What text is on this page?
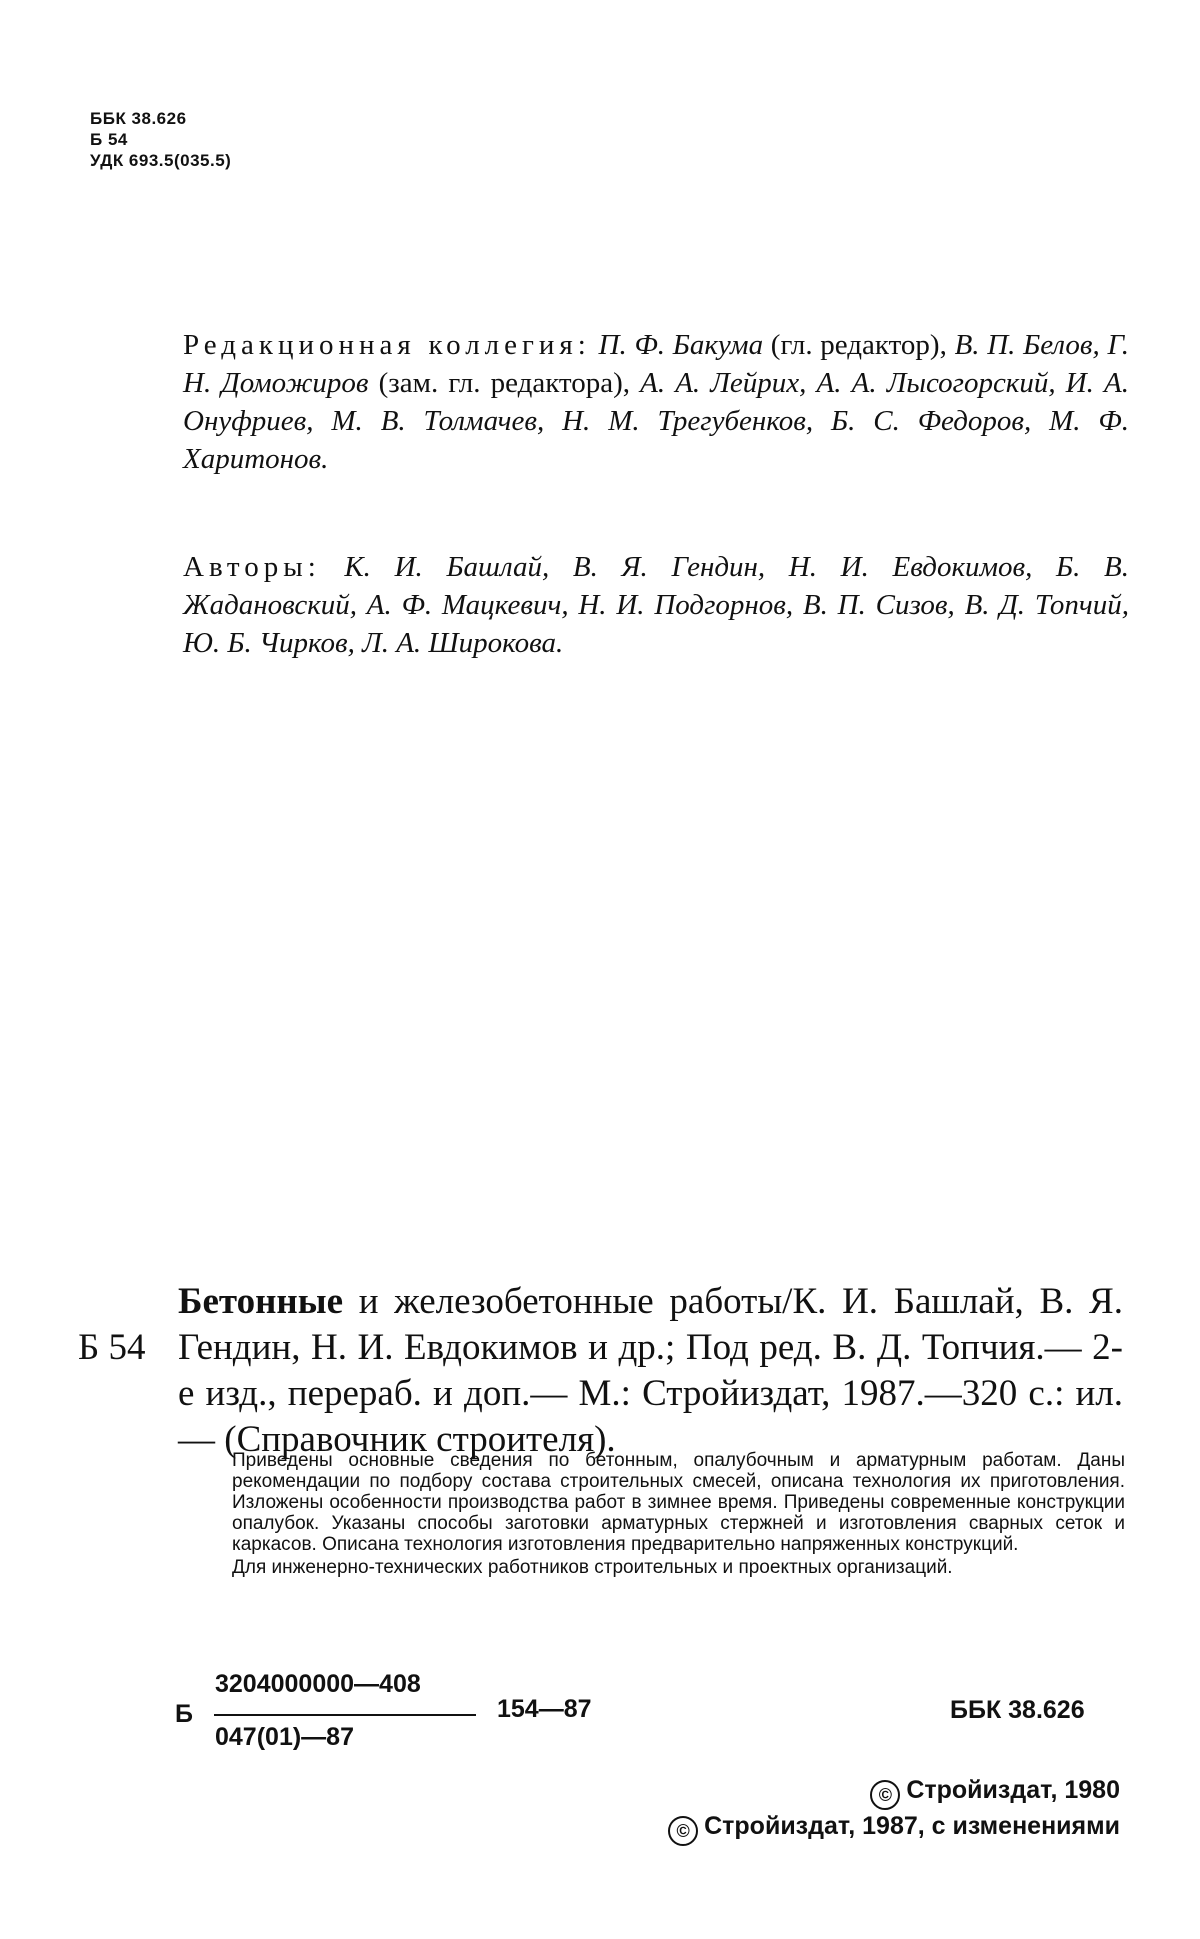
ББК 38.626
Б 54
УДК 693.5(035.5)
Редакционная коллегия: П. Ф. Бакума (гл. редактор), В. П. Белов, Г. Н. Доможиров (зам. гл. редактора), А. А. Лейрих, А. А. Лысогорский, И. А. Онуфриев, М. В. Толмачев, Н. М. Трегубенков, Б. С. Федоров, М. Ф. Харитонов.
Авторы: К. И. Башлай, В. Я. Гендин, Н. И. Евдокимов, Б. В. Жадановский, А. Ф. Мацкевич, Н. И. Подгорнов, В. П. Сизов, В. Д. Топчий, Ю. Б. Чирков, Л. А. Широкова.
Б 54
Бетонные и железобетонные работы/К. И. Башлай, В. Я. Гендин, Н. И. Евдокимов и др.; Под ред. В. Д. Топчия.— 2-е изд., перераб. и доп.— М.: Стройиздат, 1987.—320 с.: ил. — (Справочник строителя).

Приведены основные сведения по бетонным, опалубочным и арматурным работам. Даны рекомендации по подбору состава строительных смесей, описана технология их приготовления. Изложены особенности производства работ в зимнее время. Приведены современные конструкции опалубок. Указаны способы заготовки арматурных стержней и изготовления сварных сеток и каркасов. Описана технология изготовления предварительно напряженных конструкций.

Для инженерно-технических работников строительных и проектных организаций.

Б
3204000000—408
047(01)—87
154—87	ББК 38.626
© Стройиздат, 1980
© Стройиздат, 1987, с изменениями
